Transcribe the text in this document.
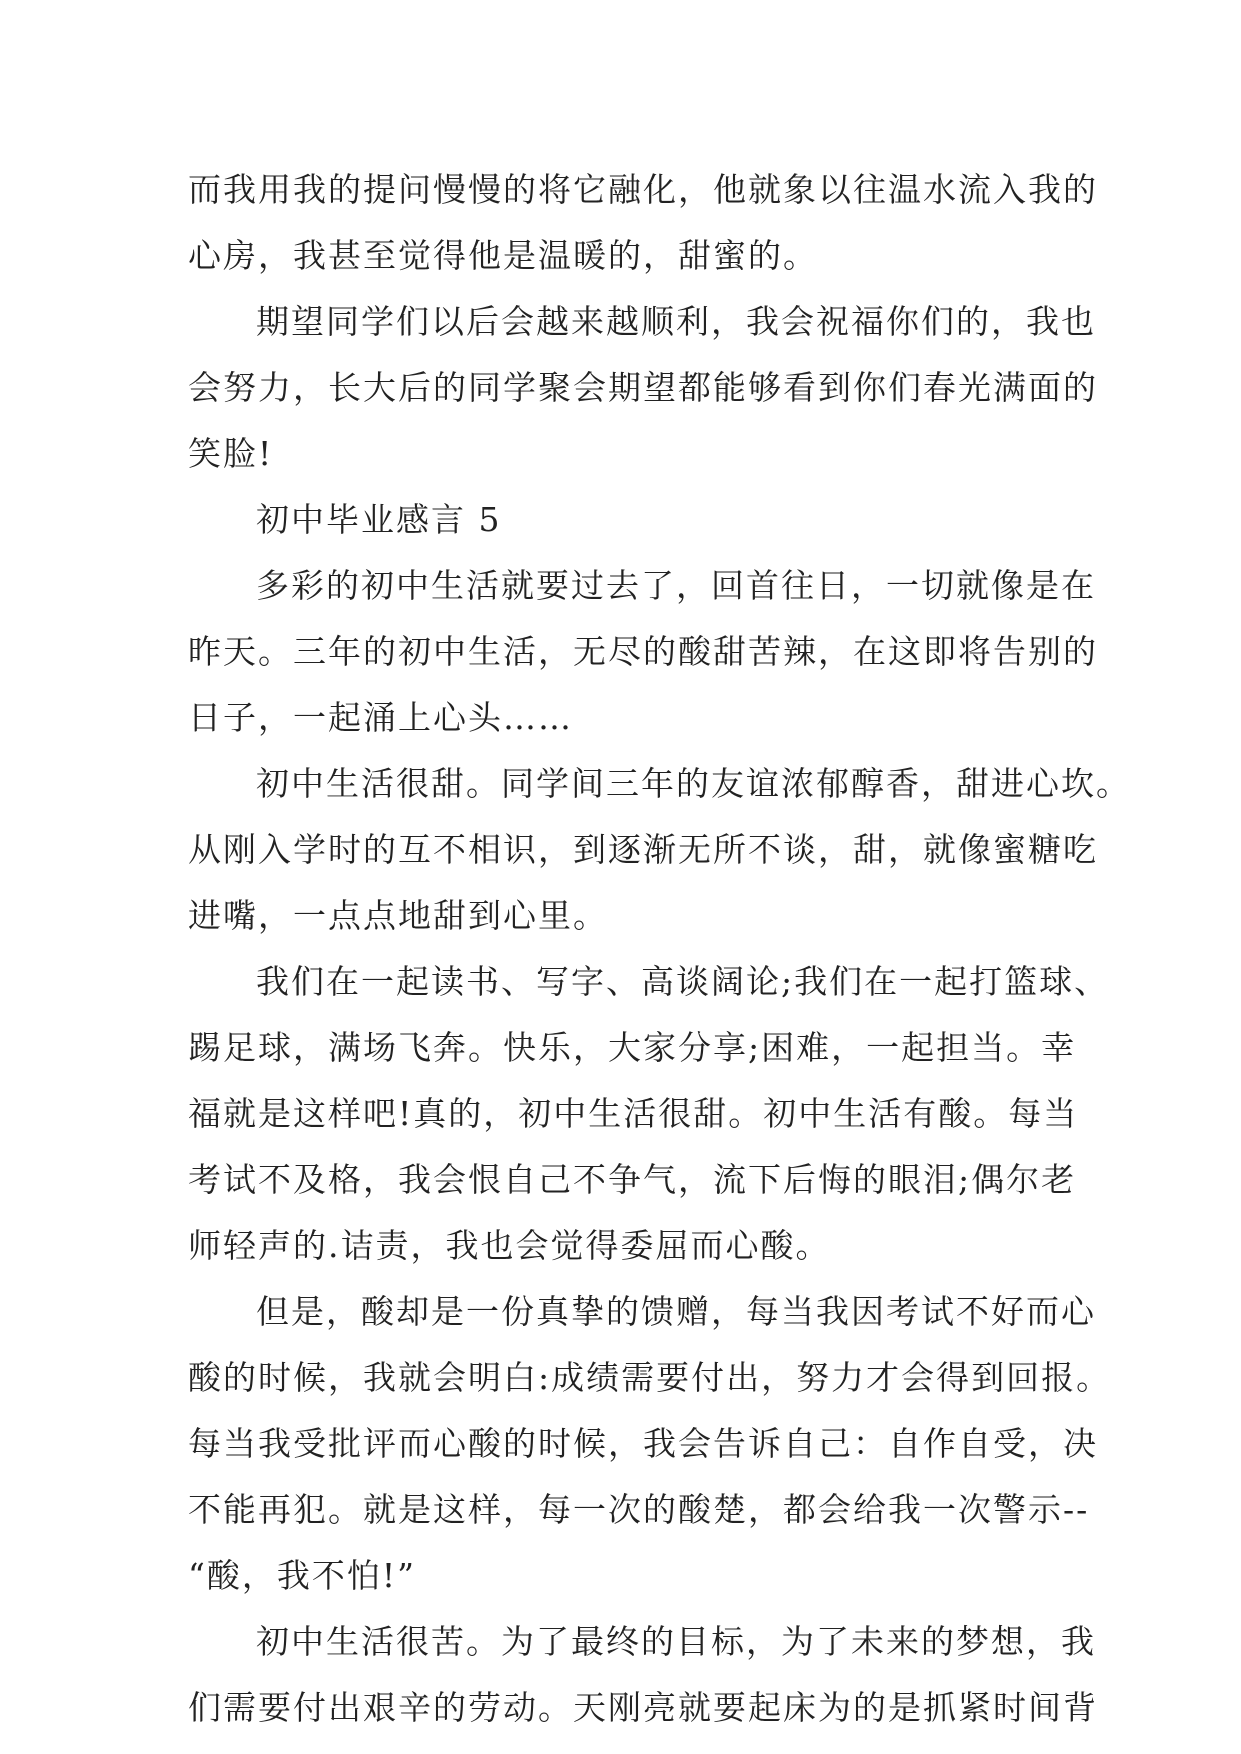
而我用我的提问慢慢的将它融化，他就象以往温水流入我的
心房，我甚至觉得他是温暖的，甜蜜的。
期望同学们以后会越来越顺利，我会祝福你们的，我也
会努力，长大后的同学聚会期望都能够看到你们春光满面的
笑脸!
初中毕业感言 5
多彩的初中生活就要过去了，回首往日，一切就像是在
昨天。三年的初中生活，无尽的酸甜苦辣，在这即将告别的
日子，一起涌上心头……
初中生活很甜。同学间三年的友谊浓郁醇香，甜进心坎。
从刚入学时的互不相识，到逐渐无所不谈，甜，就像蜜糖吃
进嘴，一点点地甜到心里。
我们在一起读书、写字、高谈阔论;我们在一起打篮球、
踢足球，满场飞奔。快乐，大家分享;困难，一起担当。幸
福就是这样吧!真的，初中生活很甜。初中生活有酸。每当
考试不及格，我会恨自己不争气，流下后悔的眼泪;偶尔老
师轻声的.诘责，我也会觉得委屈而心酸。
但是，酸却是一份真挚的馈赠，每当我因考试不好而心
酸的时候，我就会明白:成绩需要付出，努力才会得到回报。
每当我受批评而心酸的时候，我会告诉自己：自作自受，决
不能再犯。就是这样，每一次的酸楚，都会给我一次警示--
“酸，我不怕!”
初中生活很苦。为了最终的目标，为了未来的梦想，我
们需要付出艰辛的劳动。天刚亮就要起床为的是抓紧时间背
